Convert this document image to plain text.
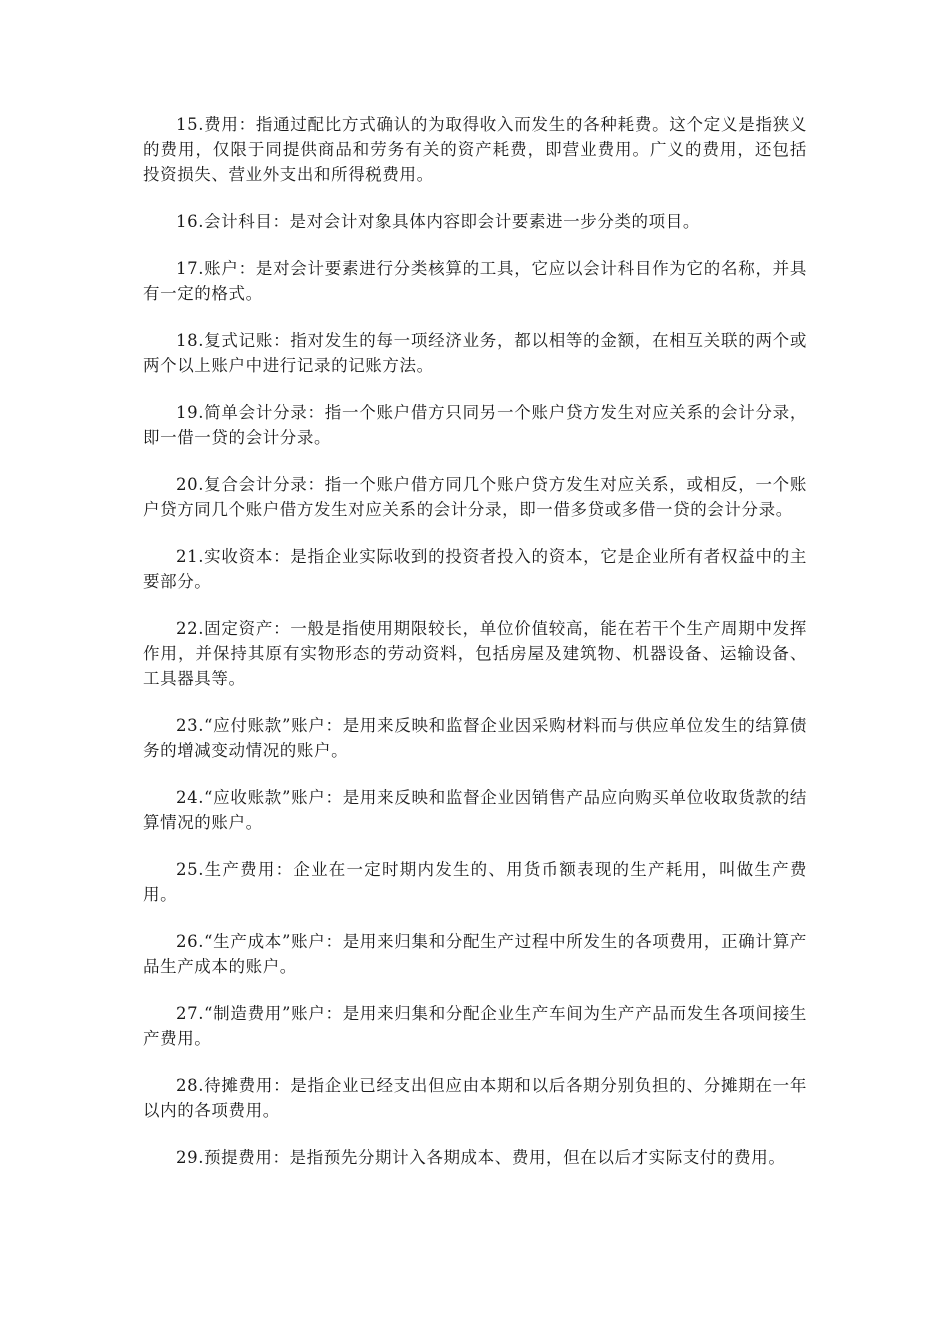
15.费用：指通过配比方式确认的为取得收入而发生的各种耗费。这个定义是指狭义的费用，仅限于同提供商品和劳务有关的资产耗费，即营业费用。广义的费用，还包括投资损失、营业外支出和所得税费用。

16.会计科目：是对会计对象具体内容即会计要素进一步分类的项目。

17.账户：是对会计要素进行分类核算的工具，它应以会计科目作为它的名称，并具有一定的格式。

18.复式记账：指对发生的每一项经济业务，都以相等的金额，在相互关联的两个或两个以上账户中进行记录的记账方法。

19.简单会计分录：指一个账户借方只同另一个账户贷方发生对应关系的会计分录，即一借一贷的会计分录。

20.复合会计分录：指一个账户借方同几个账户贷方发生对应关系，或相反，一个账户贷方同几个账户借方发生对应关系的会计分录，即一借多贷或多借一贷的会计分录。

21.实收资本：是指企业实际收到的投资者投入的资本，它是企业所有者权益中的主要部分。

22.固定资产：一般是指使用期限较长，单位价值较高，能在若干个生产周期中发挥作用，并保持其原有实物形态的劳动资料，包括房屋及建筑物、机器设备、运输设备、工具器具等。

23.“应付账款”账户：是用来反映和监督企业因采购材料而与供应单位发生的结算债务的增减变动情况的账户。

24.“应收账款”账户：是用来反映和监督企业因销售产品应向购买单位收取货款的结算情况的账户。

25.生产费用：企业在一定时期内发生的、用货币额表现的生产耗用，叫做生产费用。

26.“生产成本”账户：是用来归集和分配生产过程中所发生的各项费用，正确计算产品生产成本的账户。

27.“制造费用”账户：是用来归集和分配企业生产车间为生产产品而发生各项间接生产费用。

28.待摊费用：是指企业已经支出但应由本期和以后各期分别负担的、分摊期在一年以内的各项费用。

29.预提费用：是指预先分期计入各期成本、费用，但在以后才实际支付的费用。
